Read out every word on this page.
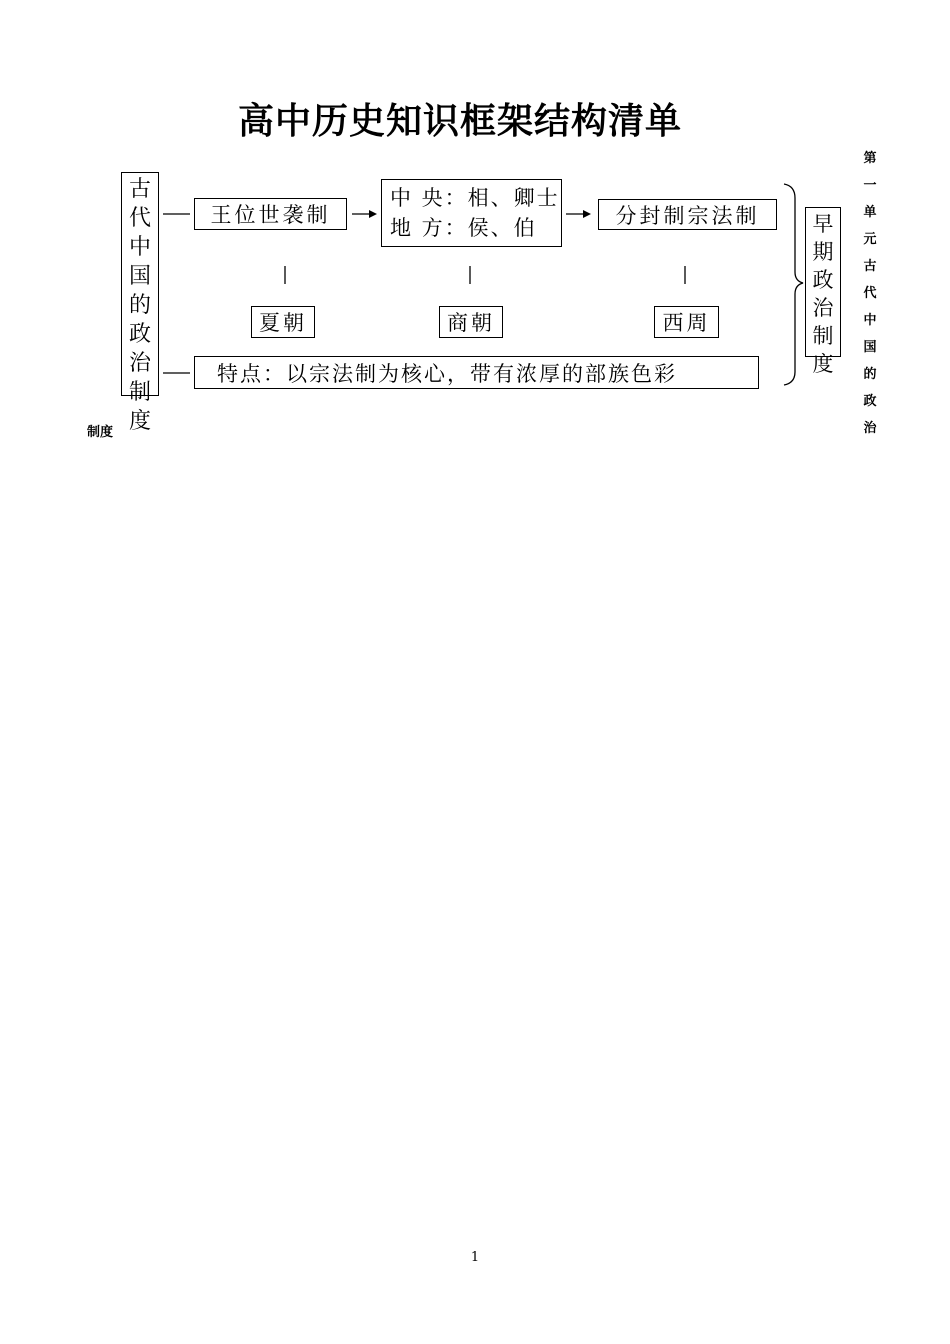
高中历史知识框架结构清单
古
代
中
国
的
政
治
制
度
王位世袭制
中 央：相、卿士
地 方：侯、伯
分封制宗法制
夏朝	商朝	西周
特点：以宗法制为核心，带有浓厚的部族色彩
早
期
政
治
制
度
第
一
单
元
古
代
中
国
的
政
治
制度
1
